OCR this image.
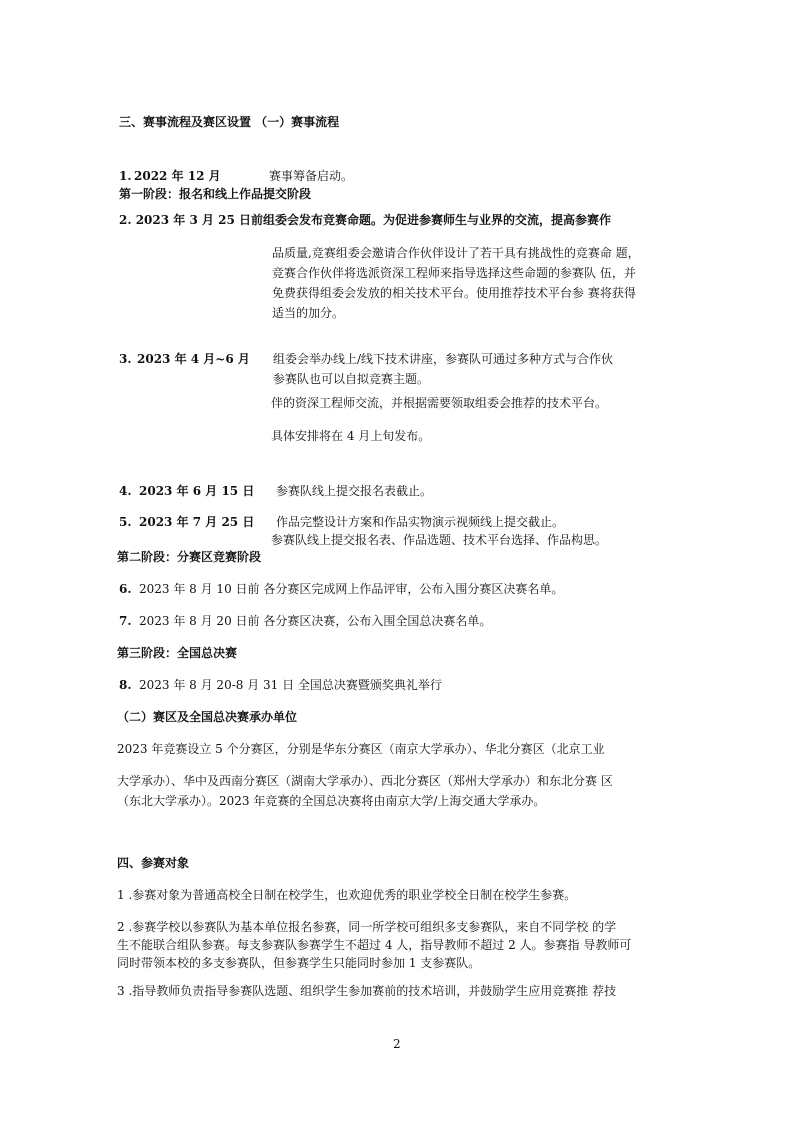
三、赛事流程及赛区设置 （一）赛事流程
1. 2022 年 12 月	赛事筹备启动。
第一阶段：报名和线上作品提交阶段
2. 2023 年 3 月 25 日前组委会发布竞赛命题。为促进参赛师生与业界的交流，提高参赛作
品质量,竞赛组委会邀请合作伙伴设计了若干具有挑战性的竞赛命 题，
竞赛合作伙伴将选派资深工程师来指导选择这些命题的参赛队 伍，并
免费获得组委会发放的相关技术平台。使用推荐技术平台参 赛将获得
适当的加分。
3. 2023 年 4 月~6 月 组委会举办线上/线下技术讲座，参赛队可通过多种方式与合作伙
参赛队也可以自拟竞赛主题。
伴的资深工程师交流，并根据需要领取组委会推荐的技术平台。
具体安排将在 4 月上旬发布。
4. 2023 年 6 月 15 日 参赛队线上提交报名表截止。
5. 2023 年 7 月 25 日 作品完整设计方案和作品实物演示视频线上提交截止。
参赛队线上提交报名表、作品选题、技术平台选择、作品构思。
第二阶段：分赛区竞赛阶段
6. 2023 年 8 月 10 日前 各分赛区完成网上作品评审，公布入围分赛区决赛名单。
7. 2023 年 8 月 20 日前 各分赛区决赛，公布入围全国总决赛名单。
第三阶段：全国总决赛
8. 2023 年 8 月 20-8 月 31 日 全国总决赛暨颁奖典礼举行
（二）赛区及全国总决赛承办单位
2023 年竞赛设立 5 个分赛区，分别是华东分赛区（南京大学承办）、华北分赛区（北京工业
大学承办）、华中及西南分赛区（湖南大学承办）、西北分赛区（郑州大学承办）和东北分赛 区
（东北大学承办）。2023 年竞赛的全国总决赛将由南京大学/上海交通大学承办。
四、参赛对象
1 .参赛对象为普通高校全日制在校学生，也欢迎优秀的职业学校全日制在校学生参赛。
2 .参赛学校以参赛队为基本单位报名参赛，同一所学校可组织多支参赛队，来自不同学校 的学
生不能联合组队参赛。每支参赛队参赛学生不超过 4 人，指导教师不超过 2 人。参赛指 导教师可
同时带领本校的多支参赛队，但参赛学生只能同时参加 1 支参赛队。
3 .指导教师负责指导参赛队选题、组织学生参加赛前的技术培训，并鼓励学生应用竞赛推 荐技
2
